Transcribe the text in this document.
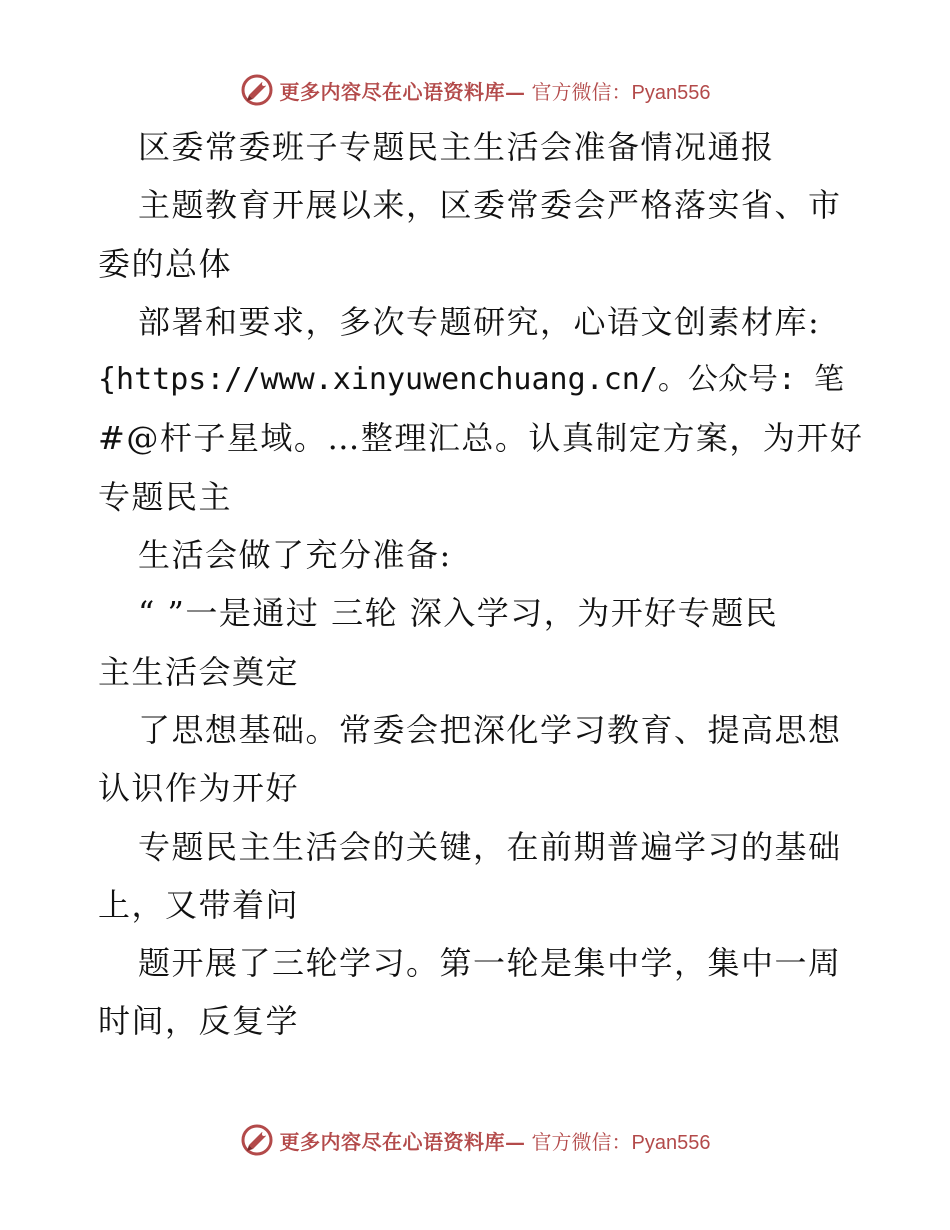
更多内容尽在心语资料库— 官方微信：Pyan556
区委常委班子专题民主生活会准备情况通报
主题教育开展以来，区委常委会严格落实省、市
委的总体
部署和要求，多次专题研究，心语文创素材库:
{https://www.xinyuwenchuang.cn/。公众号: 笔
#@杆子星域。…整理汇总。认真制定方案，为开好
专题民主
生活会做了充分准备:
“ ”一是通过 三轮 深入学习，为开好专题民
主生活会奠定
了思想基础。常委会把深化学习教育、提高思想
认识作为开好
专题民主生活会的关键，在前期普遍学习的基础
上，又带着问
题开展了三轮学习。第一轮是集中学，集中一周
时间，反复学
更多内容尽在心语资料库— 官方微信：Pyan556
